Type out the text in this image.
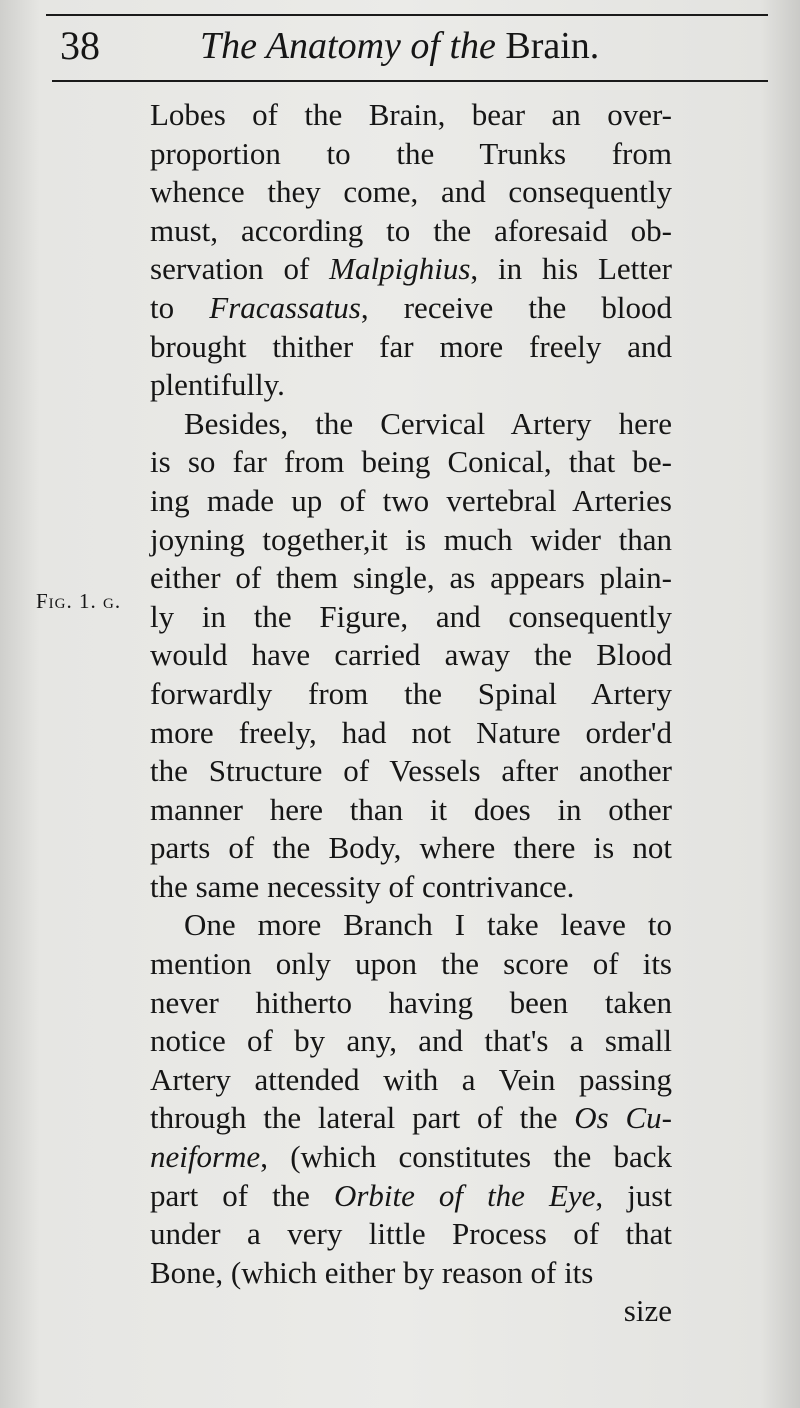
38	The Anatomy of the Brain.
Fig. 1. g.
Lobes of the Brain, bear an over-
proportion to the Trunks from
whence they come, and consequently
must, according to the aforesaid ob-
servation of Malpighius, in his Letter
to Fracassatus, receive the blood
brought thither far more freely and
plentifully.
Besides, the Cervical Artery here
is so far from being Conical, that be-
ing made up of two vertebral Arteries
joyning together,it is much wider than
either of them single, as appears plain-
ly in the Figure, and consequently
would have carried away the Blood
forwardly from the Spinal Artery
more freely, had not Nature order'd
the Structure of Vessels after another
manner here than it does in other
parts of the Body, where there is not
the same necessity of contrivance.
One more Branch I take leave to
mention only upon the score of its
never hitherto having been taken
notice of by any, and that's a small
Artery attended with a Vein passing
through the lateral part of the Os Cu-
neiforme, (which constitutes the back
part of the Orbite of the Eye, just
under a very little Process of that
Bone, (which either by reason of its
size
